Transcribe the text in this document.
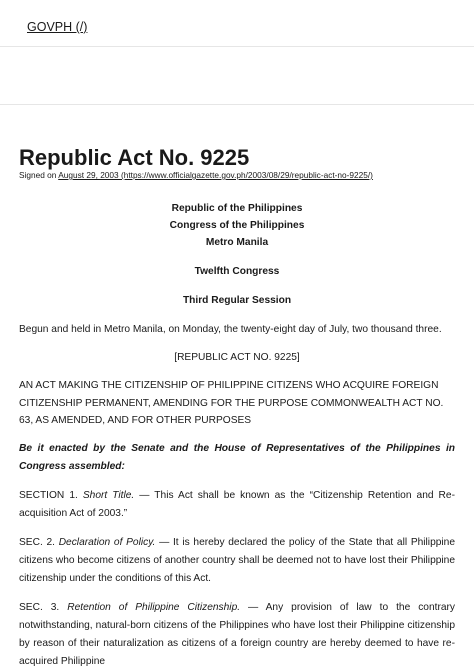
GOVPH (/)
Republic Act No. 9225
Signed on August 29, 2003 (https://www.officialgazette.gov.ph/2003/08/29/republic-act-no-9225/)

Republic of the Philippines

Congress of the Philippines

Metro Manila

Twelfth Congress

Third Regular Session

Begun and held in Metro Manila, on Monday, the twenty-eight day of July, two thousand three.

[REPUBLIC ACT NO. 9225]

AN ACT MAKING THE CITIZENSHIP OF PHILIPPINE CITIZENS WHO ACQUIRE FOREIGN CITIZENSHIP PERMANENT, AMENDING FOR THE PURPOSE COMMONWEALTH ACT NO. 63, AS AMENDED, AND FOR OTHER PURPOSES

Be it enacted by the Senate and the House of Representatives of the Philippines in Congress assembled:

SECTION 1. Short Title. — This Act shall be known as the “Citizenship Retention and Re-acquisition Act of 2003.”

SEC. 2. Declaration of Policy. — It is hereby declared the policy of the State that all Philippine citizens who become citizens of another country shall be deemed not to have lost their Philippine citizenship under the conditions of this Act.

SEC. 3. Retention of Philippine Citizenship. — Any provision of law to the contrary notwithstanding, natural-born citizens of the Philippines who have lost their Philippine citizenship by reason of their naturalization as citizens of a foreign country are hereby deemed to have re-acquired Philippine
